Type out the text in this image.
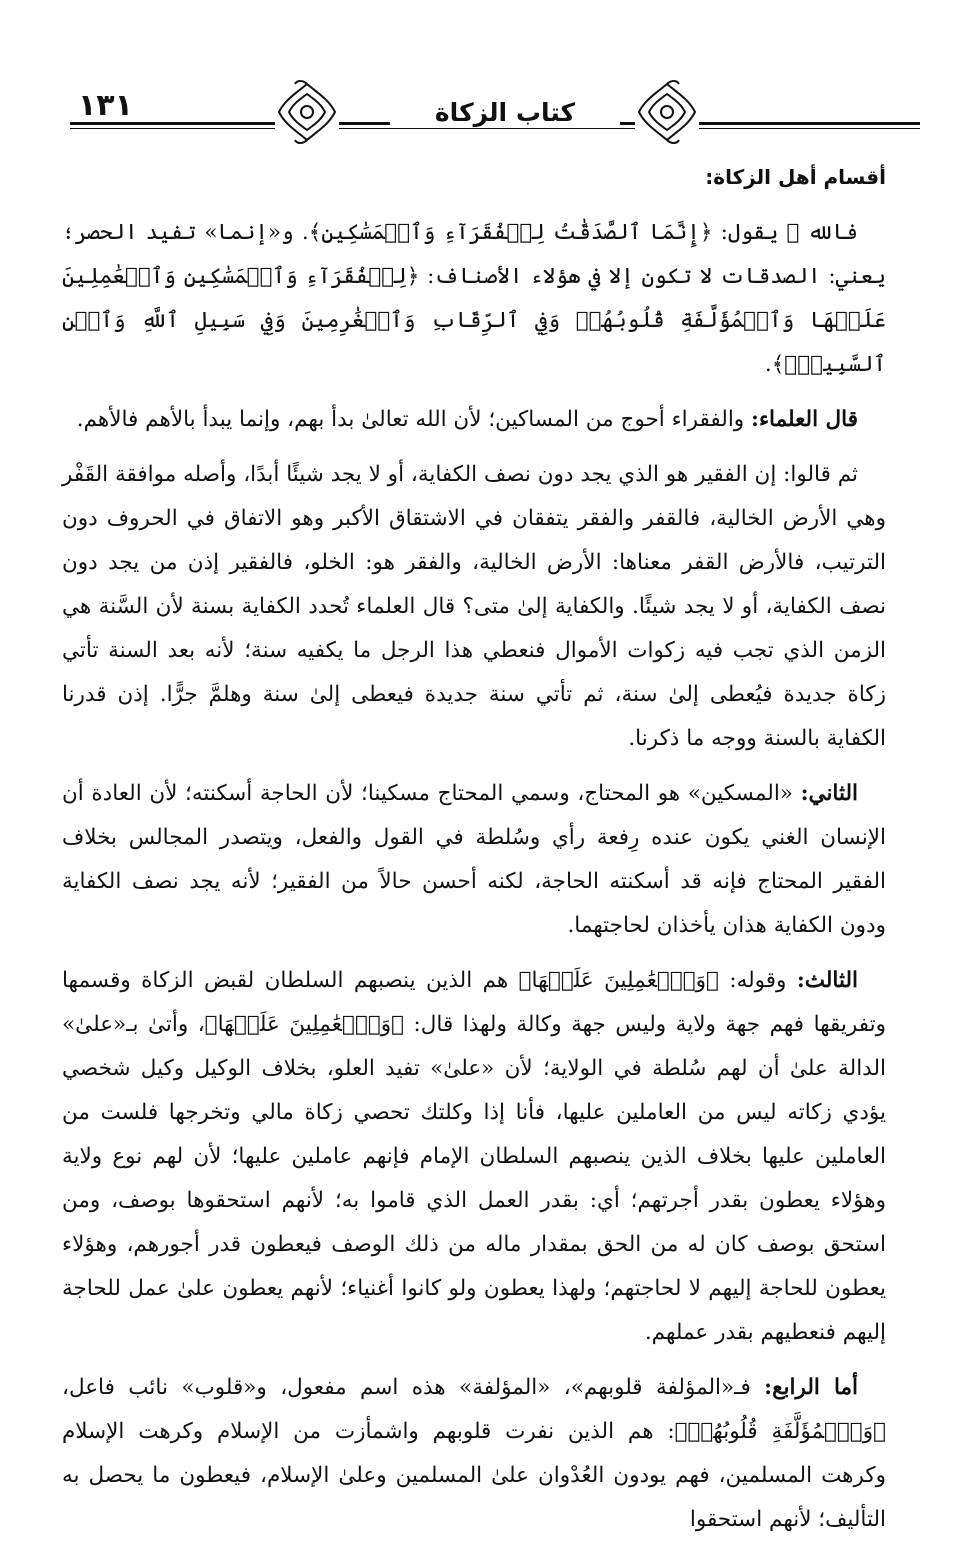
١٣١	كتاب الزكاة

أقسام أهل الزكاة:

فالله ﷻ يقول: ﴿إِنَّمَا ٱلصَّدَقَٰتُ لِلۡفُقَرَآءِ وَٱلۡمَسَٰكِينِ﴾. و«إنما» تفيد الحصر؛ يعني: الصدقات لا تكون إلا في هؤلاء الأصناف: ﴿لِلۡفُقَرَآءِ وَٱلۡمَسَٰكِينِ وَٱلۡعَٰمِلِينَ عَلَيۡهَا وَٱلۡمُؤَلَّفَةِ قُلُوبُهُمۡ وَفِي ٱلرِّقَابِ وَٱلۡغَٰرِمِينَ وَفِي سَبِيلِ ٱللَّهِ وَٱبۡنِ ٱلسَّبِيلِۖ﴾.

قال العلماء: والفقراء أحوج من المساكين؛ لأن الله تعالىٰ بدأ بهم، وإنما يبدأ بالأهم فالأهم.

ثم قالوا: إن الفقير هو الذي يجد دون نصف الكفاية، أو لا يجد شيئًا أبدًا، وأصله موافقة القَفْر وهي الأرض الخالية، فالقفر والفقر يتفقان في الاشتقاق الأكبر وهو الاتفاق في الحروف دون الترتيب، فالأرض القفر معناها: الأرض الخالية، والفقر هو: الخلو، فالفقير إذن من يجد دون نصف الكفاية، أو لا يجد شيئًا. والكفاية إلىٰ متى؟ قال العلماء تُحدد الكفاية بسنة لأن السَّنة هي الزمن الذي تجب فيه زكوات الأموال فنعطي هذا الرجل ما يكفيه سنة؛ لأنه بعد السنة تأتي زكاة جديدة فيُعطى إلىٰ سنة، ثم تأتي سنة جديدة فيعطى إلىٰ سنة وهلمَّ جرًّا. إذن قدرنا الكفاية بالسنة ووجه ما ذكرنا.

الثاني: «المسكين» هو المحتاج، وسمي المحتاج مسكينا؛ لأن الحاجة أسكنته؛ لأن العادة أن الإنسان الغني يكون عنده رِفعة رأي وسُلطة في القول والفعل، ويتصدر المجالس بخلاف الفقير المحتاج فإنه قد أسكنته الحاجة، لكنه أحسن حالاً من الفقير؛ لأنه يجد نصف الكفاية ودون الكفاية هذان يأخذان لحاجتهما.

الثالث: وقوله: ﴿وَٱلۡعَٰمِلِينَ عَلَيۡهَا﴾ هم الذين ينصبهم السلطان لقبض الزكاة وقسمها وتفريقها فهم جهة ولاية وليس جهة وكالة ولهذا قال: ﴿وَٱلۡعَٰمِلِينَ عَلَيۡهَا﴾، وأتىٰ بـ«علىٰ» الدالة علىٰ أن لهم سُلطة في الولاية؛ لأن «علىٰ» تفيد العلو، بخلاف الوكيل وكيل شخصي يؤدي زكاته ليس من العاملين عليها، فأنا إذا وكلتك تحصي زكاة مالي وتخرجها فلست من العاملين عليها بخلاف الذين ينصبهم السلطان الإمام فإنهم عاملين عليها؛ لأن لهم نوع ولاية وهؤلاء يعطون بقدر أجرتهم؛ أي: بقدر العمل الذي قاموا به؛ لأنهم استحقوها بوصف، ومن استحق بوصف كان له من الحق بمقدار ماله من ذلك الوصف فيعطون قدر أجورهم، وهؤلاء يعطون للحاجة إليهم لا لحاجتهم؛ ولهذا يعطون ولو كانوا أغنياء؛ لأنهم يعطون علىٰ عمل للحاجة إليهم فنعطيهم بقدر عملهم.

أما الرابع: فـ«المؤلفة قلوبهم»، «المؤلفة» هذه اسم مفعول، و«قلوب» نائب فاعل، ﴿وَٱلۡمُؤَلَّفَةِ قُلُوبُهُمۡ﴾: هم الذين نفرت قلوبهم واشمأزت من الإسلام وكرهت الإسلام وكرهت المسلمين، فهم يودون العُدْوان علىٰ المسلمين وعلىٰ الإسلام، فيعطون ما يحصل به التأليف؛ لأنهم استحقوا
